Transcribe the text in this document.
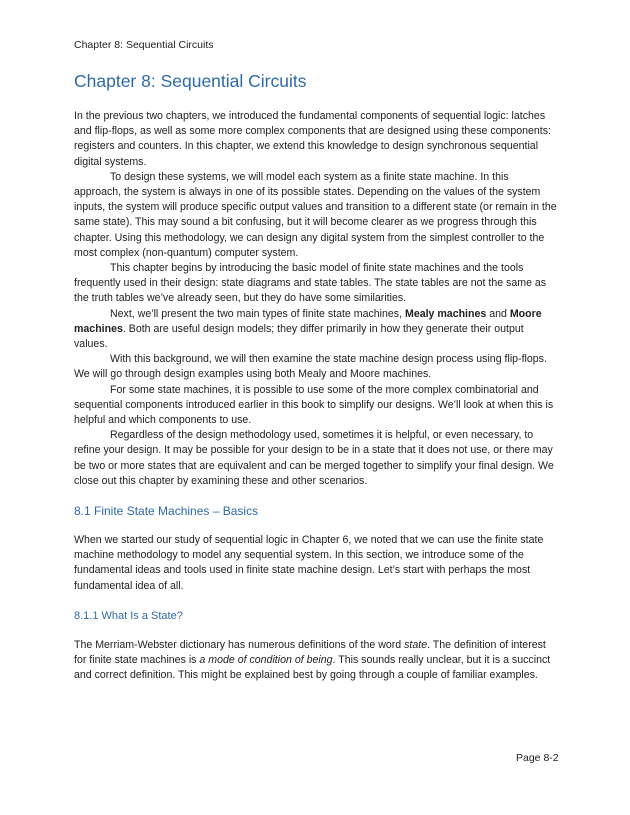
Chapter 8: Sequential Circuits
Chapter 8: Sequential Circuits

In the previous two chapters, we introduced the fundamental components of sequential logic: latches and flip-flops, as well as some more complex components that are designed using these components: registers and counters. In this chapter, we extend this knowledge to design synchronous sequential digital systems.

To design these systems, we will model each system as a finite state machine. In this approach, the system is always in one of its possible states. Depending on the values of the system inputs, the system will produce specific output values and transition to a different state (or remain in the same state). This may sound a bit confusing, but it will become clearer as we progress through this chapter. Using this methodology, we can design any digital system from the simplest controller to the most complex (non-quantum) computer system.

This chapter begins by introducing the basic model of finite state machines and the tools frequently used in their design: state diagrams and state tables. The state tables are not the same as the truth tables we’ve already seen, but they do have some similarities.

Next, we’ll present the two main types of finite state machines, Mealy machines and Moore machines. Both are useful design models; they differ primarily in how they generate their output values.

With this background, we will then examine the state machine design process using flip-flops. We will go through design examples using both Mealy and Moore machines.

For some state machines, it is possible to use some of the more complex combinatorial and sequential components introduced earlier in this book to simplify our designs. We’ll look at when this is helpful and which components to use.

Regardless of the design methodology used, sometimes it is helpful, or even necessary, to refine your design. It may be possible for your design to be in a state that it does not use, or there may be two or more states that are equivalent and can be merged together to simplify your final design. We close out this chapter by examining these and other scenarios.

8.1 Finite State Machines – Basics

When we started our study of sequential logic in Chapter 6, we noted that we can use the finite state machine methodology to model any sequential system. In this section, we introduce some of the fundamental ideas and tools used in finite state machine design. Let’s start with perhaps the most fundamental idea of all.

8.1.1 What Is a State?

The Merriam-Webster dictionary has numerous definitions of the word state. The definition of interest for finite state machines is a mode of condition of being. This sounds really unclear, but it is a succinct and correct definition. This might be explained best by going through a couple of familiar examples.

Page 8-2
